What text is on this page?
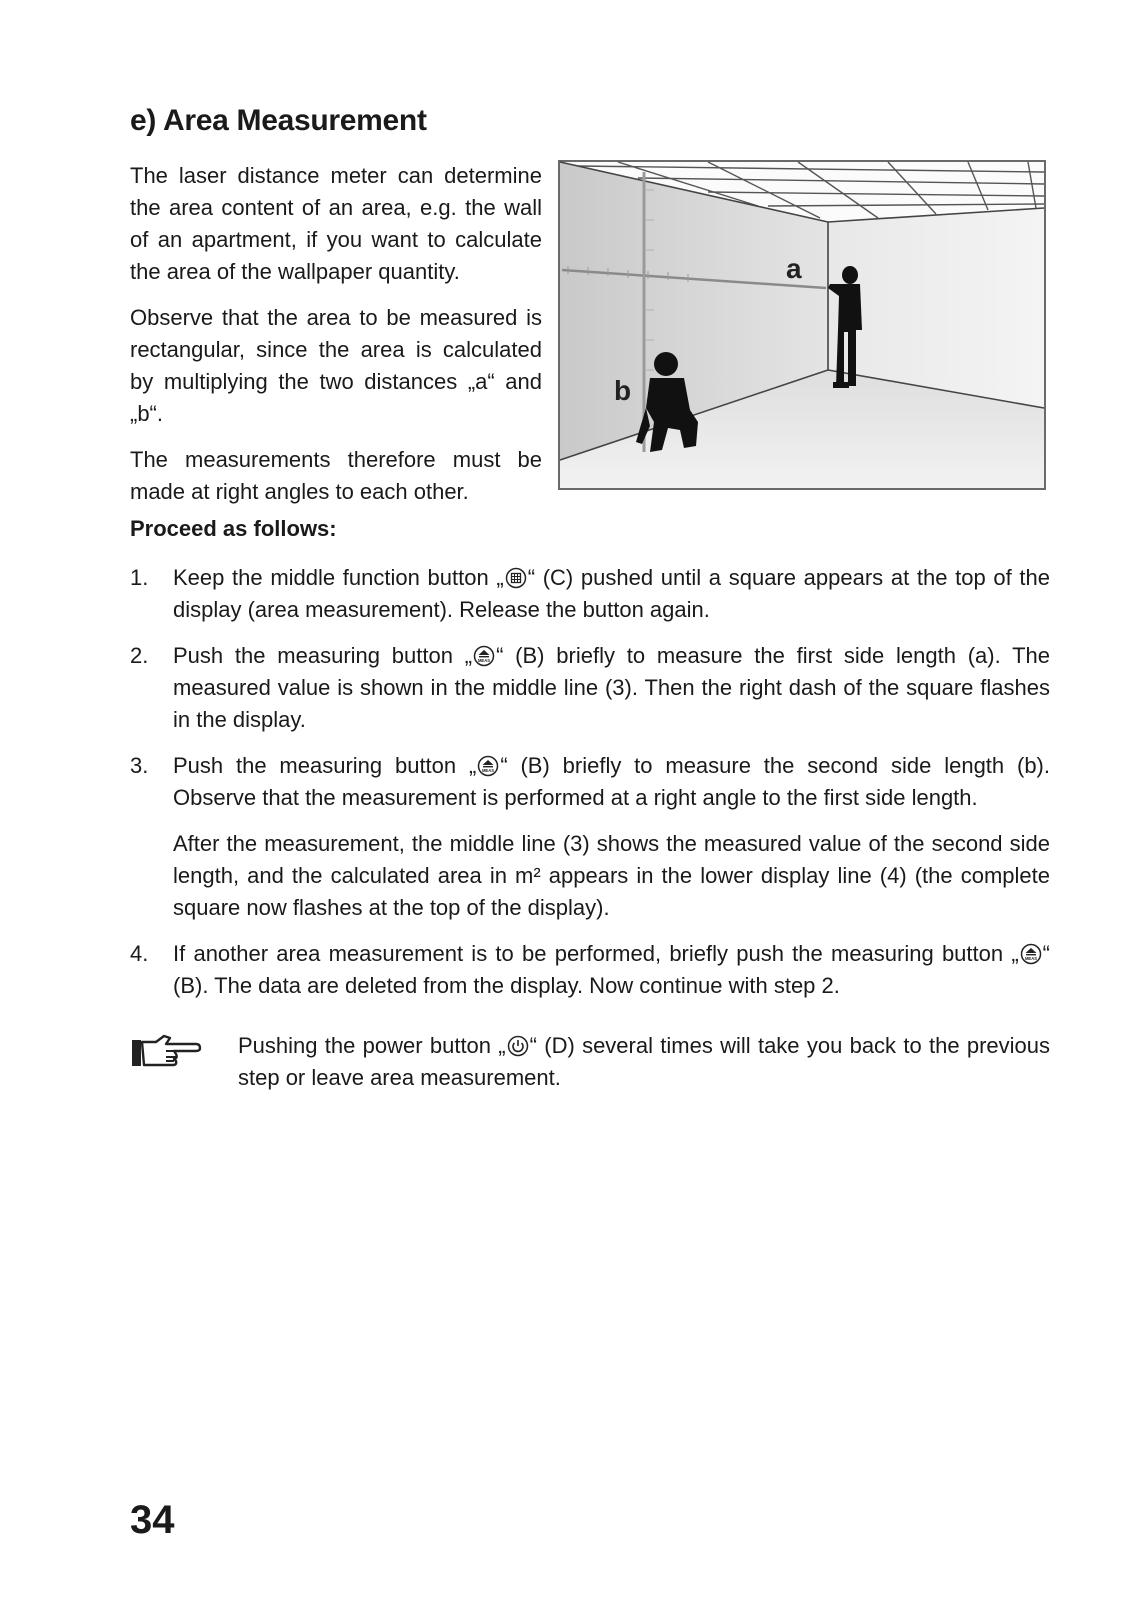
e) Area Measurement

The laser distance meter can determine the area content of an area, e.g. the wall of an apartment, if you want to calculate the area of the wallpaper quantity.

Observe that the area to be measured is rectangular, since the area is calculated by multiplying the two distances „a“ and „b“.

The measurements therefore must be made at right angles to each other.

a
b
Proceed as follows:
1.	Keep the middle function button „ “ (C) pushed until a square appears at the top of the display (area measurement). Release the button again.

2.	Push the measuring button „ MEAS “ (B) briefly to measure the first side length (a). The measured value is shown in the middle line (3). Then the right dash of the square flashes in the display.

3.	Push the measuring button „ MEAS “ (B) briefly to measure the second side length (b). Observe that the measurement is performed at a right angle to the first side length.

After the measurement, the middle line (3) shows the measured value of the second side length, and the calculated area in m² appears in the lower display line (4) (the complete square now flashes at the top of the display).

4.	If another area measurement is to be performed, briefly push the measuring button „ MEAS “ (B). The data are deleted from the display. Now continue with step 2.

Pushing the power button „ “ (D) several times will take you back to the previous step or leave area measurement.
34
